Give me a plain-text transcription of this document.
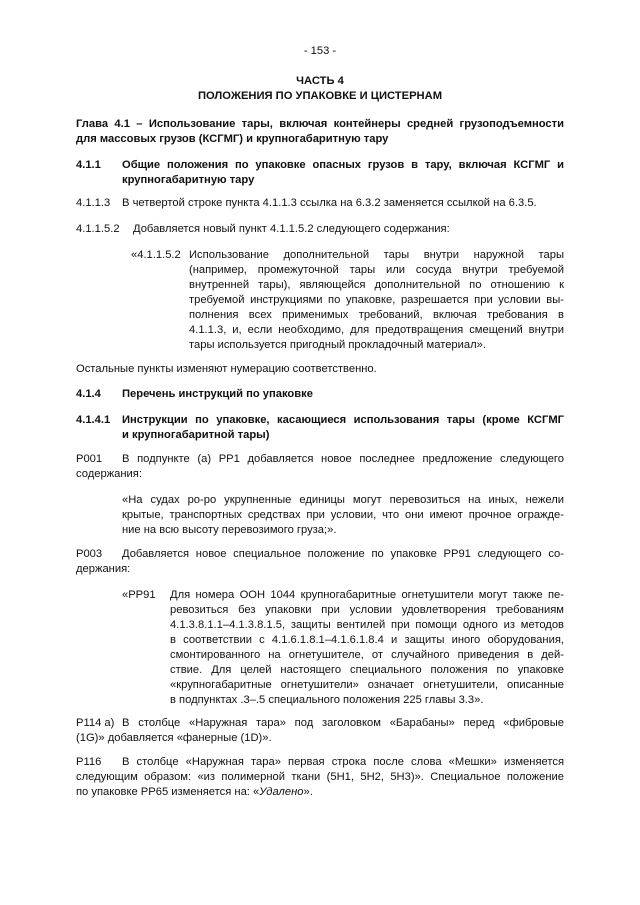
- 153 -
ЧАСТЬ 4
ПОЛОЖЕНИЯ ПО УПАКОВКЕ И ЦИСТЕРНАМ
Глава 4.1 – Использование тары, включая контейнеры средней грузоподъемности
для массовых грузов (КСГМГ) и крупногабаритную тару
4.1.1 Общие положения по упаковке опасных грузов в тару, включая КСГМГ и
крупногабаритную тару
4.1.1.3 В четвертой строке пункта 4.1.1.3 ссылка на 6.3.2 заменяется ссылкой на 6.3.5.
4.1.1.5.2 Добавляется новый пункт 4.1.1.5.2 следующего содержания:
«4.1.1.5.2 Использование дополнительной тары внутри наружной тары
(например, промежуточной тары или сосуда внутри требуемой
внутренней тары), являющейся дополнительной по отношению к
требуемой инструкциями по упаковке, разрешается при условии вы-
полнения всех применимых требований, включая требования в
4.1.1.3, и, если необходимо, для предотвращения смещений внутри
тары используется пригодный прокладочный материал».
Остальные пункты изменяют нумерацию соответственно.
4.1.4 Перечень инструкций по упаковке
4.1.4.1 Инструкции по упаковке, касающиеся использования тары (кроме КСГМГ
и крупногабаритной тары)
P001 В подпункте (а) PP1 добавляется новое последнее предложение следующего
содержания:
«На судах ро-ро укрупненные единицы могут перевозиться на иных, нежели
крытые, транспортных средствах при условии, что они имеют прочное ограждe-
ние на всю высоту перевозимого груза;».
P003 Добавляется новое специальное положение по упаковке PP91 следующего со-
держания:
«PP91 Для номера ООН 1044 крупногабаритные огнетушители могут также пе-
ревозиться без упаковки при условии удовлетворения требованиям
4.1.3.8.1.1–4.1.3.8.1.5, защиты вентилей при помощи одного из методов
в соответствии с 4.1.6.1.8.1–4.1.6.1.8.4 и защиты иного оборудования,
смонтированного на огнетушителе, от случайного приведения в дей-
ствие. Для целей настоящего специального положения по упаковке
«крупногабаритные огнетушители» означает огнетушители, описанные
в подпунктах .3–.5 специального положения 225 главы 3.3».
P114 a) В столбце «Наружная тара» под заголовком «Барабаны» перед «фибровые
(1G)» добавляется «фанерные (1D)».
P116 В столбце «Наружная тара» первая строка после слова «Мешки» изменяется
следующим образом: «из полимерной ткани (5H1, 5H2, 5H3)». Специальное положение
по упаковке PP65 изменяется на: «Удалено».
